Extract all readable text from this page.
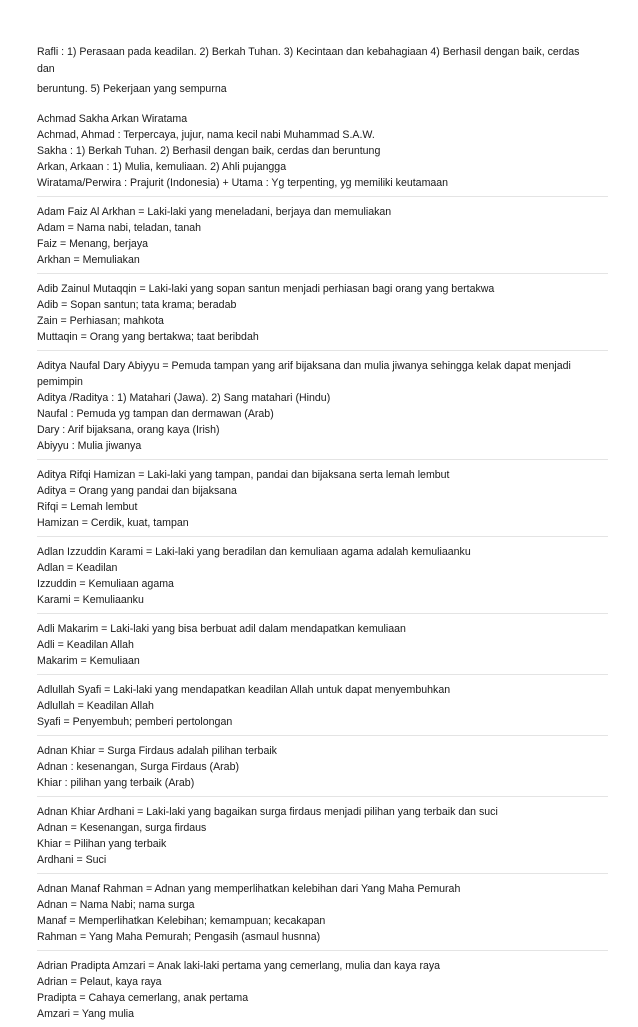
Rafli : 1) Perasaan pada keadilan. 2) Berkah Tuhan. 3) Kecintaan dan kebahagiaan 4) Berhasil dengan baik, cerdas
dan
beruntung. 5) Pekerjaan yang sempurna
Achmad Sakha Arkan Wiratama
Achmad, Ahmad : Terpercaya, jujur, nama kecil nabi Muhammad S.A.W.
Sakha : 1) Berkah Tuhan. 2) Berhasil dengan baik, cerdas dan beruntung
Arkan, Arkaan : 1) Mulia, kemuliaan. 2) Ahli pujangga
Wiratama/Perwira : Prajurit (Indonesia) + Utama : Yg terpenting, yg memiliki keutamaan
Adam Faiz Al Arkhan = Laki-laki yang meneladani, berjaya dan memuliakan
Adam = Nama nabi, teladan, tanah
Faiz = Menang, berjaya
Arkhan = Memuliakan
Adib Zainul Mutaqqin = Laki-laki yang sopan santun menjadi perhiasan bagi orang yang bertakwa
Adib = Sopan santun; tata krama; beradab
Zain = Perhiasan; mahkota
Muttaqin = Orang yang bertakwa; taat beribdah
Aditya Naufal Dary Abiyyu = Pemuda tampan yang arif bijaksana dan mulia jiwanya sehingga kelak dapat menjadi
pemimpin
Aditya /Raditya : 1) Matahari (Jawa). 2) Sang matahari (Hindu)
Naufal : Pemuda yg tampan dan dermawan (Arab)
Dary : Arif bijaksana, orang kaya (Irish)
Abiyyu : Mulia jiwanya
Aditya Rifqi Hamizan = Laki-laki yang tampan, pandai dan bijaksana serta lemah lembut
Aditya = Orang yang pandai dan bijaksana
Rifqi = Lemah lembut
Hamizan = Cerdik, kuat, tampan
Adlan Izzuddin Karami = Laki-laki yang beradilan dan kemuliaan agama adalah kemuliaanku
Adlan = Keadilan
Izzuddin = Kemuliaan agama
Karami = Kemuliaanku
Adli Makarim = Laki-laki yang bisa berbuat adil dalam mendapatkan kemuliaan
Adli = Keadilan Allah
Makarim = Kemuliaan
Adlullah Syafi = Laki-laki yang mendapatkan keadilan Allah untuk dapat menyembuhkan
Adlullah = Keadilan Allah
Syafi = Penyembuh; pemberi pertolongan
Adnan Khiar = Surga Firdaus adalah pilihan terbaik
Adnan : kesenangan, Surga Firdaus (Arab)
Khiar : pilihan yang terbaik (Arab)
Adnan Khiar Ardhani = Laki-laki yang bagaikan surga firdaus menjadi pilihan yang terbaik dan suci
Adnan = Kesenangan, surga firdaus
Khiar = Pilihan yang terbaik
Ardhani = Suci
Adnan Manaf Rahman = Adnan yang memperlihatkan kelebihan dari Yang Maha Pemurah
Adnan = Nama Nabi; nama surga
Manaf = Memperlihatkan Kelebihan; kemampuan; kecakapan
Rahman = Yang Maha Pemurah; Pengasih (asmaul husnna)
Adrian Pradipta Amzari = Anak laki-laki pertama yang cemerlang, mulia dan kaya raya
Adrian = Pelaut, kaya raya
Pradipta = Cahaya cemerlang, anak pertama
Amzari = Yang mulia
